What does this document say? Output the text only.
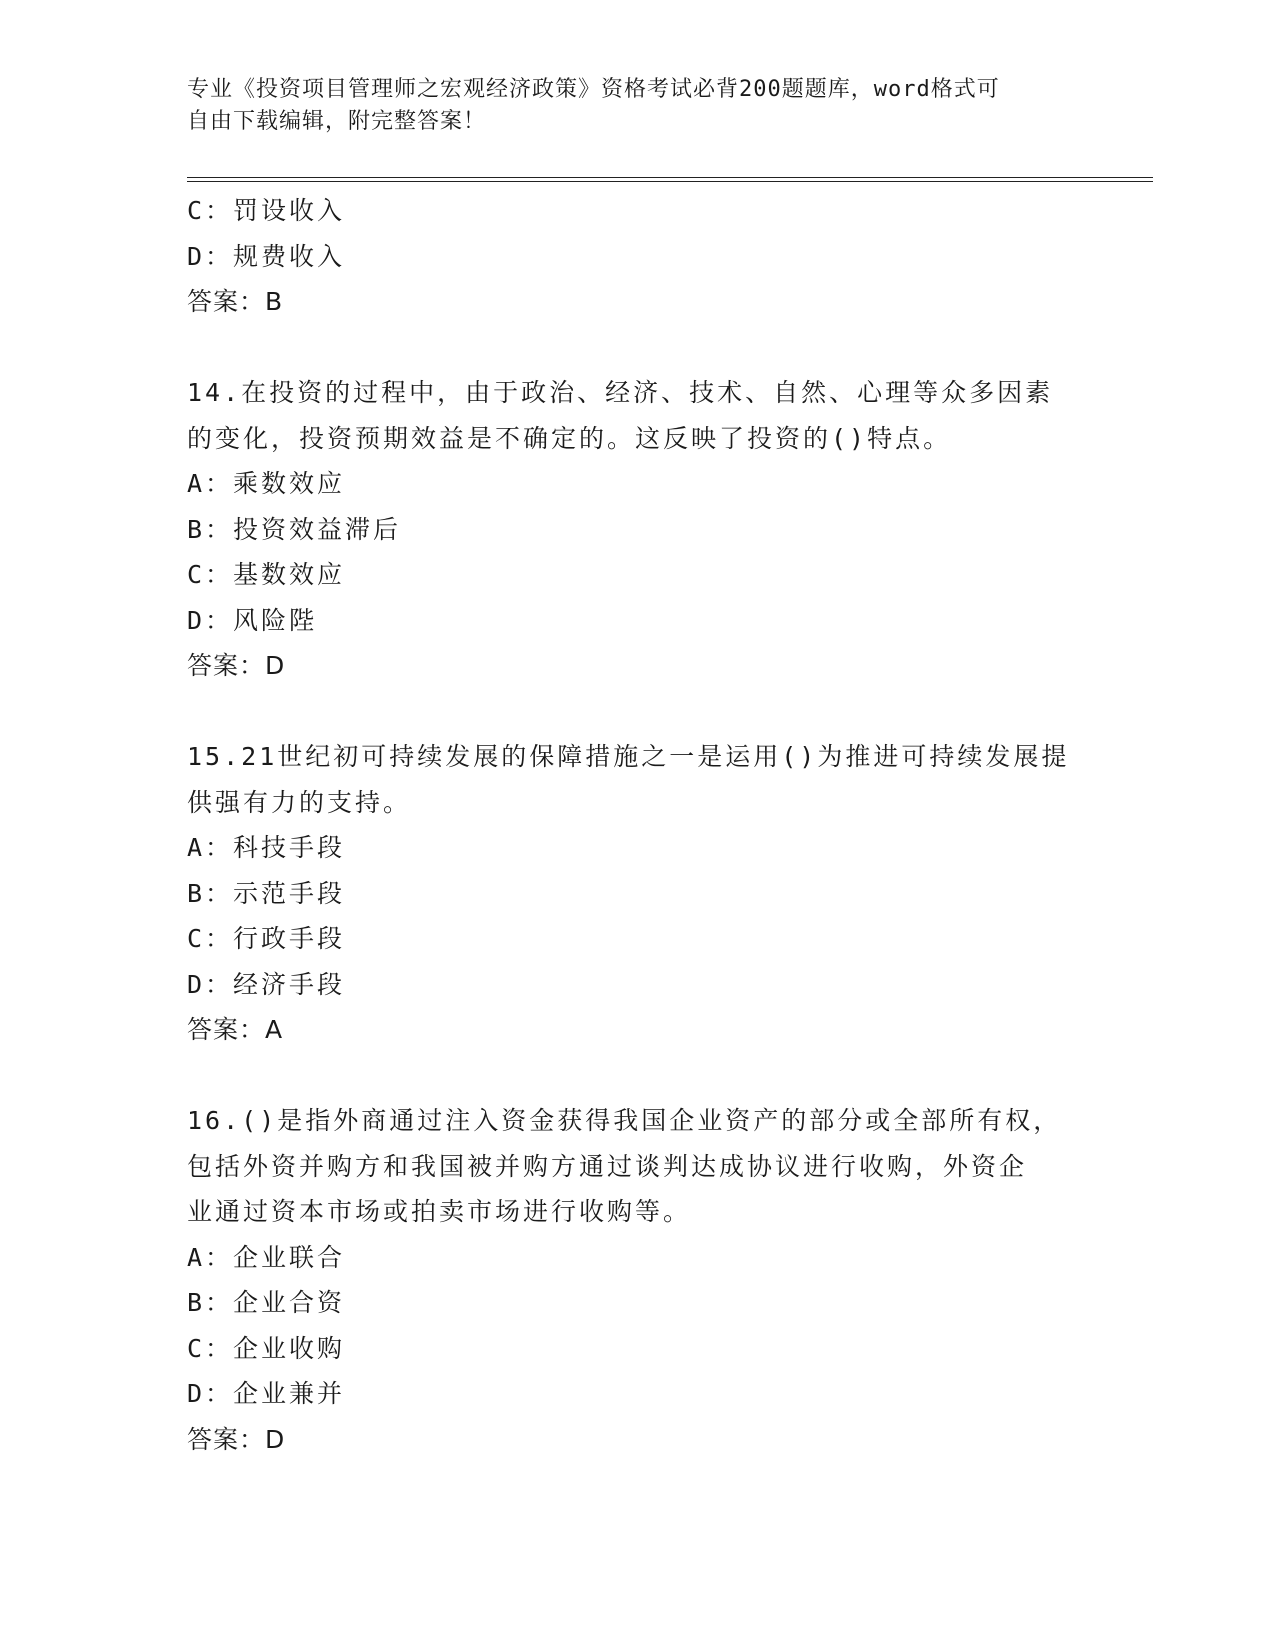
专业《投资项目管理师之宏观经济政策》资格考试必背200题题库，word格式可
自由下载编辑，附完整答案！
C：罚设收入
D：规费收入
答案：B
14.在投资的过程中，由于政治、经济、技术、自然、心理等众多因素
的变化，投资预期效益是不确定的。这反映了投资的()特点。
A：乘数效应
B：投资效益滞后
C：基数效应
D：风险陛
答案：D
15.21世纪初可持续发展的保障措施之一是运用()为推进可持续发展提
供强有力的支持。
A：科技手段
B：示范手段
C：行政手段
D：经济手段
答案：A
16.()是指外商通过注入资金获得我国企业资产的部分或全部所有权，
包括外资并购方和我国被并购方通过谈判达成协议进行收购，外资企
业通过资本市场或拍卖市场进行收购等。
A：企业联合
B：企业合资
C：企业收购
D：企业兼并
答案：D
